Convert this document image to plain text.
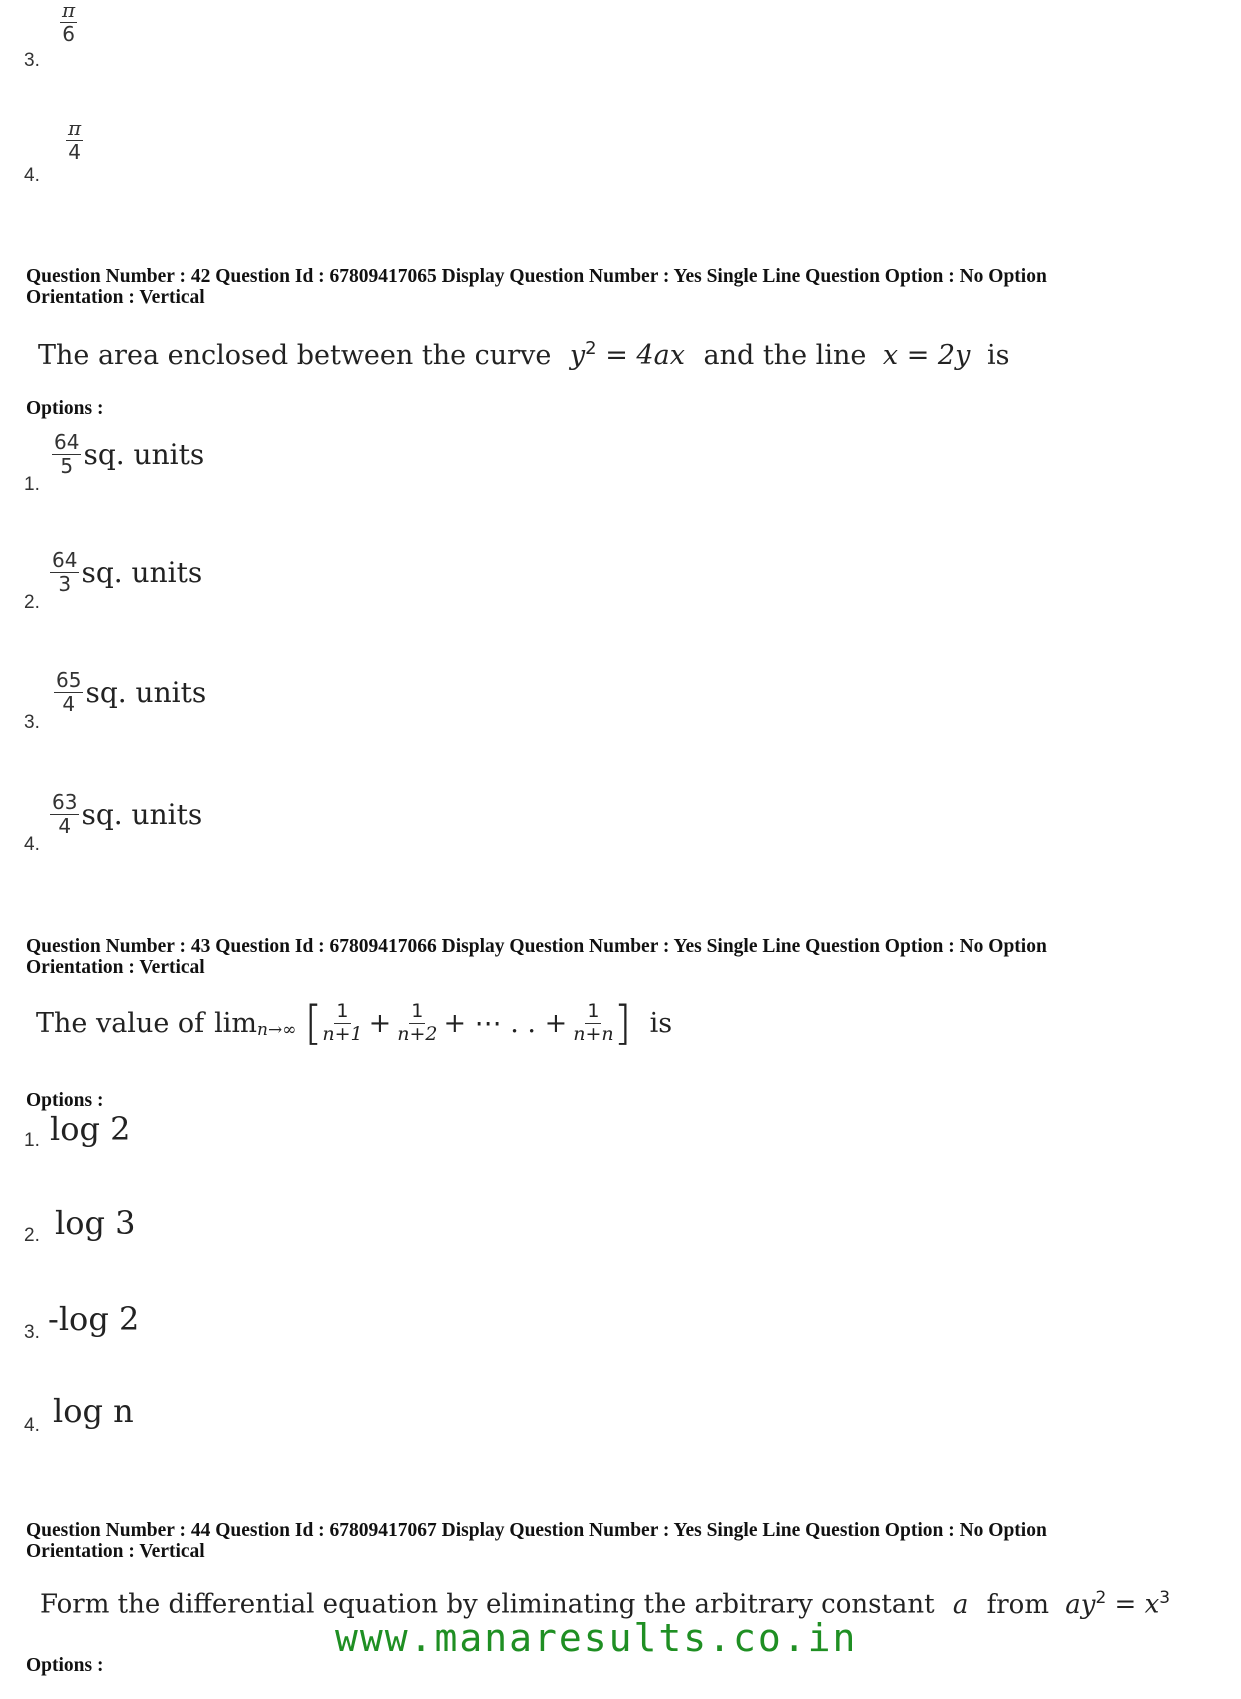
$\frac{\pi}{6}$
3.
$\frac{\pi}{4}$
4.
Question Number : 42 Question Id : 67809417065 Display Question Number : Yes Single Line Question Option : No Option
Orientation : Vertical
The area enclosed between the curve $y^2 = 4ax$ and the line x = 2y is
Options :
$\frac{64}{5}$ sq. units
1.
$\frac{64}{3}$ sq. units
2.
$\frac{65}{4}$ sq. units
3.
$\frac{63}{4}$ sq. units
4.
Question Number : 43 Question Id : 67809417066 Display Question Number : Yes Single Line Question Option : No Option
Orientation : Vertical
The value of $\lim_{n\to\infty}$ [ $\frac{1}{n+1} + \frac{1}{n+2}$ + ⋯ . . + $\frac{1}{n+n}$ ] is
Options :
log 2
1.
log 3
2.
-log 2
3.
log n
4.
Question Number : 44 Question Id : 67809417067 Display Question Number : Yes Single Line Question Option : No Option
Orientation : Vertical
Form the differential equation by eliminating the arbitrary constant a from $ay^2 = x^3$
www.manaresults.co.in
Options :
